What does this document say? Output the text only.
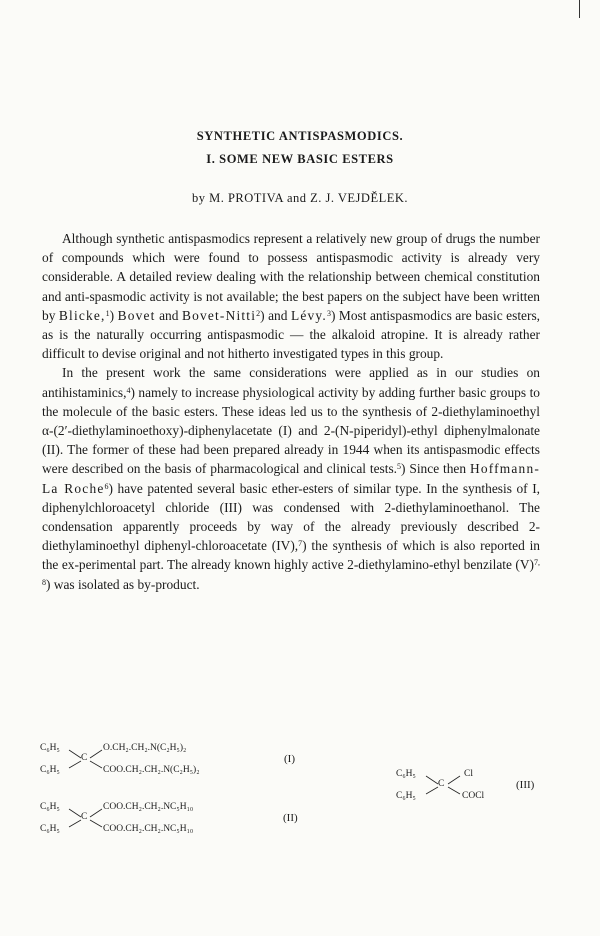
SYNTHETIC ANTISPASMODICS.
I. SOME NEW BASIC ESTERS
by M. PROTIVA and Z. J. VEJDĚLEK.

Although synthetic antispasmodics represent a relatively new group of drugs the number of compounds which were found to possess antispasmodic activity is already very considerable. A detailed review dealing with the relationship between chemical constitution and anti-spasmodic activity is not available; the best papers on the subject have been written by Blicke,$^1$) Bovet and Bovet-Nitti$^2$) and Lévy.$^3$) Most antispasmodics are basic esters, as is the naturally occurring antispasmodic — the alkaloid atropine. It is already rather difficult to devise original and not hitherto investigated types in this group.

In the present work the same considerations were applied as in our studies on antihistaminics,$^4$) namely to increase physiological activity by adding further basic groups to the molecule of the basic esters. These ideas led us to the synthesis of 2-diethylaminoethyl α-(2′-diethylaminoethoxy)-diphenylacetate (I) and 2-(N-piperidyl)-ethyl diphenylmalonate (II). The former of these had been prepared already in 1944 when its antispasmodic effects were described on the basis of pharmacological and clinical tests.$^5$) Since then Hoffmann-La Roche$^6$) have patented several basic ether-esters of similar type. In the synthesis of I, diphenylchloroacetyl chloride (III) was condensed with 2-diethylaminoethanol. The condensation apparently proceeds by way of the already previously described 2-diethylaminoethyl diphenyl-chloroacetate (IV),$^7$) the synthesis of which is also reported in the ex-perimental part. The already known highly active 2-diethylamino-ethyl benzilate $(V)^{7, 8}$) was isolated as by-product.

C₆H₅
C₆H₅
C
O.CH₂.CH₂.N(C₂H₅)₂
COO.CH₂.CH₂.N(C₂H₅)₂
(I)
C₆H₅
C₆H₅
C
COO.CH₂.CH₂.NC₅H₁₀
COO.CH₂.CH₂.NC₅H₁₀
(II)
C₆H₅
C₆H₅
C
Cl
COCl
(III)
